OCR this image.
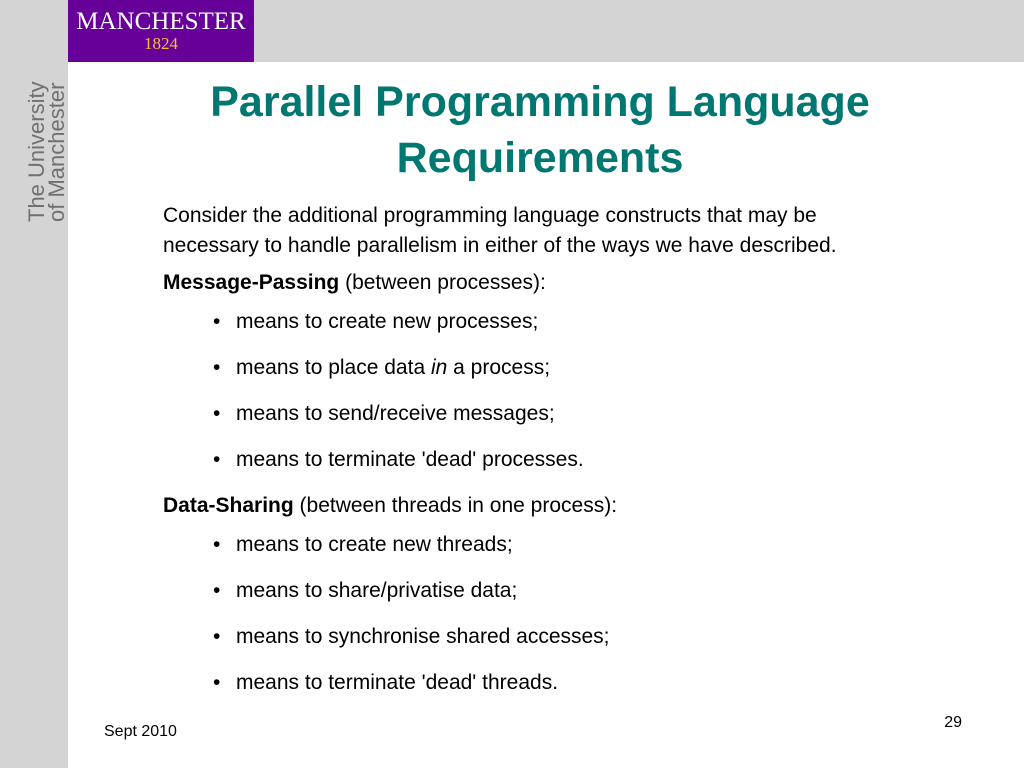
MANCHESTER
1824
The University
of Manchester	Parallel Programming Language
Requirements

Consider the additional programming language constructs that may be
necessary to handle parallelism in either of the ways we have described.

Message-Passing (between processes):

• means to create new processes;
• means to place data in a process;
• means to send/receive messages;
• means to terminate 'dead' processes.

Data-Sharing (between threads in one process):

• means to create new threads;
• means to share/privatise data;
• means to synchronise shared accesses;
• means to terminate 'dead' threads.
Sept 2010
29
